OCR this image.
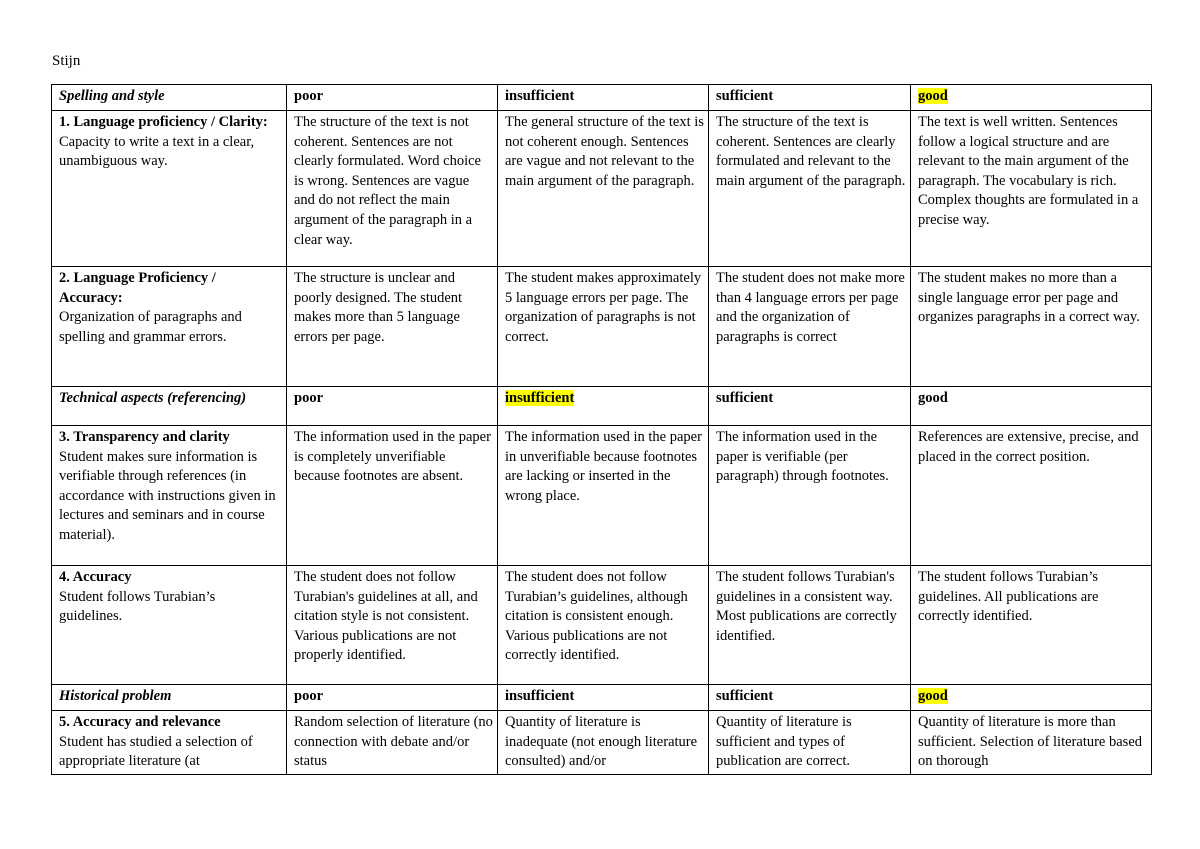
Stijn
Spelling and style	poor	insufficient	sufficient	good

1. Language proficiency / Clarity:
Capacity to write a text in a clear, unambiguous way.	The structure of the text is not coherent. Sentences are not clearly formulated. Word choice is wrong. Sentences are vague and do not reflect the main argument of the paragraph in a clear way.	The general structure of the text is not coherent enough. Sentences are vague and not relevant to the main argument of the paragraph.	The structure of the text is coherent. Sentences are clearly formulated and relevant to the main argument of the paragraph.	The text is well written. Sentences follow a logical structure and are relevant to the main argument of the paragraph. The vocabulary is rich. Complex thoughts are formulated in a precise way.

2. Language Proficiency / Accuracy:
Organization of paragraphs and spelling and grammar errors.	The structure is unclear and poorly designed. The student makes more than 5 language errors per page.	The student makes approximately 5 language errors per page. The organization of paragraphs is not correct.	The student does not make more than 4 language errors per page and the organization of paragraphs is correct	The student makes no more than a single language error per page and organizes paragraphs in a correct way.
Technical aspects (referencing)	poor	insufficient	sufficient	good

3. Transparency and clarity
Student makes sure information is verifiable through references (in accordance with instructions given in lectures and seminars and in course material).	The information used in the paper is completely unverifiable because footnotes are absent.	The information used in the paper in unverifiable because footnotes are lacking or inserted in the wrong place.	The information used in the paper is verifiable (per paragraph) through footnotes.	References are extensive, precise, and placed in the correct position.

4. Accuracy
Student follows Turabian’s guidelines.	The student does not follow Turabian's guidelines at all, and citation style is not consistent. Various publications are not properly identified.	The student does not follow Turabian’s guidelines, although citation is consistent enough. Various publications are not correctly identified.	The student follows Turabian's guidelines in a consistent way. Most publications are correctly identified.	The student follows Turabian’s guidelines. All publications are correctly identified.
Historical problem	poor	insufficient	sufficient	good

5. Accuracy and relevance
Student has studied a selection of appropriate literature (at	Random selection of literature (no connection with debate and/or status	Quantity of literature is inadequate (not enough literature consulted) and/or	Quantity of literature is sufficient and types of publication are correct.	Quantity of literature is more than sufficient. Selection of literature based on thorough
